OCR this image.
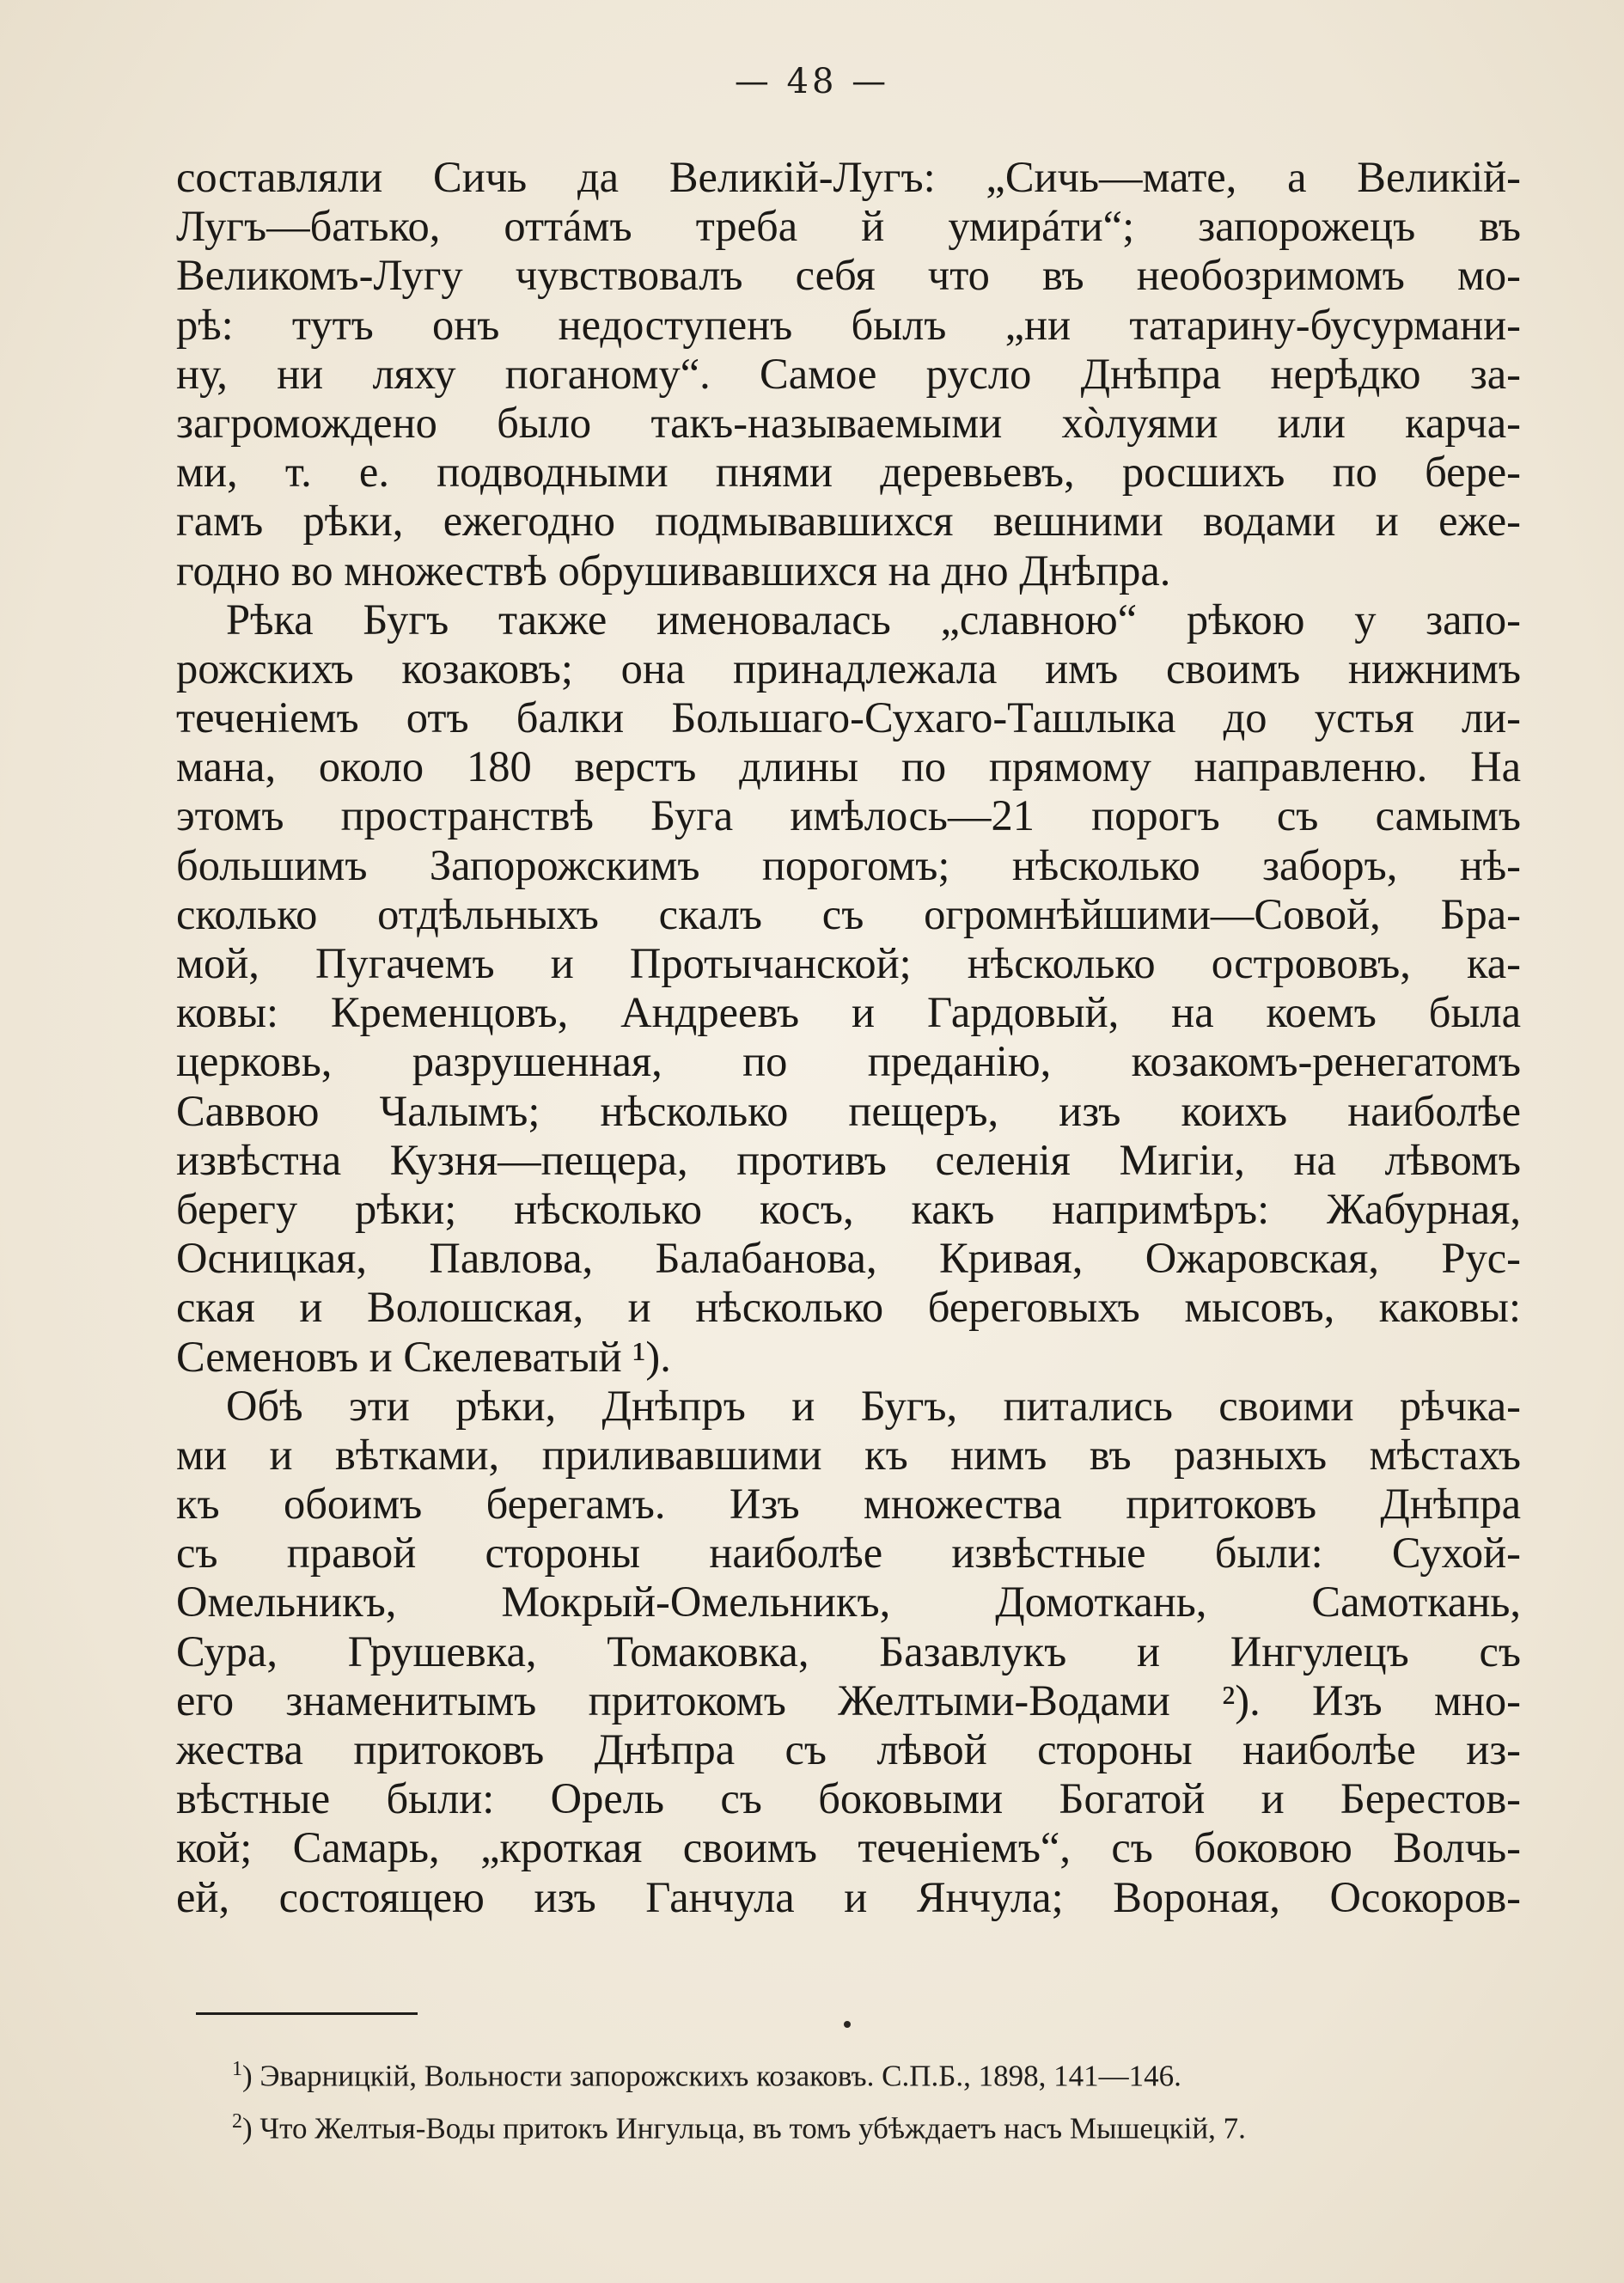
— 48 —
составляли Сичь да Великій-Лугъ: „Сичь—мате, а Великій-
Лугъ—батько, оттáмъ треба й умирáти“; запорожецъ въ
Великомъ-Лугу чувствовалъ себя что въ необозримомъ мо-
рѣ: тутъ онъ недоступенъ былъ „ни татарину-бусурмани-
ну, ни ляху поганому“. Самое русло Днѣпра нерѣдко за-
загроможденo было такъ-называемыми хòлуями или карча-
ми, т. е. подводными пнями деревьевъ, росшихъ по бере-
гамъ рѣки, ежегодно подмывавшихся вешними водами и еже-
годно во множествѣ обрушивавшихся на дно Днѣпра.
Рѣка Бугъ также именовалась „славною“ рѣкою у запо-
рожскихъ козаковъ; она принадлежала имъ своимъ нижнимъ
теченіемъ отъ балки Большаго-Сухаго-Ташлыка до устья ли-
мана, около 180 верстъ длины по прямому направленю. На
этомъ пространствѣ Буга имѣлось—21 порогъ съ самымъ
большимъ Запорожскимъ порогомъ; нѣсколько заборъ, нѣ-
сколько отдѣльныхъ скалъ съ огромнѣйшими—Совой, Бра-
мой, Пугачемъ и Протычанской; нѣсколько острововъ, ка-
ковы: Кременцовъ, Андреевъ и Гардовый, на коемъ была
церковь, разрушенная, по преданію, козакомъ-ренегатомъ
Саввою Чалымъ; нѣсколько пещеръ, изъ коихъ наиболѣе
извѣстна Кузня—пещера, противъ селенія Мигіи, на лѣвомъ
берегу рѣки; нѣсколько косъ, какъ напримѣръ: Жабурная,
Осницкая, Павлова, Балабанова, Кривая, Ожаровская, Рус-
ская и Волошская, и нѣсколько береговыхъ мысовъ, каковы:
Семеновъ и Скелеватый ¹).
Обѣ эти рѣки, Днѣпръ и Бугъ, питались своими рѣчка-
ми и вѣтками, приливавшими къ нимъ въ разныхъ мѣстахъ
къ обоимъ берегамъ. Изъ множества притоковъ Днѣпра
съ правой стороны наиболѣе извѣстные были: Сухой-
Омельникъ, Мокрый-Омельникъ, Домоткань, Самоткань,
Сура, Грушевка, Томаковка, Базавлукъ и Ингулецъ съ
его знаменитымъ притокомъ Желтыми-Водами ²). Изъ мно-
жества притоковъ Днѣпра съ лѣвой стороны наиболѣе из-
вѣстные были: Орель съ боковыми Богатой и Берестов-
кой; Самарь, „кроткая своимъ теченіемъ“, съ боковою Волчь-
ей, состоящею изъ Ганчула и Янчула; Вороная, Осокоров-
$^1$) Эварницкій, Вольности запорожскихъ козаковъ. С.П.Б., 1898, 141—146.
$^2$) Что Желтыя-Воды притокъ Ингульца, въ томъ убѣждаетъ насъ Мышецкій, 7.
